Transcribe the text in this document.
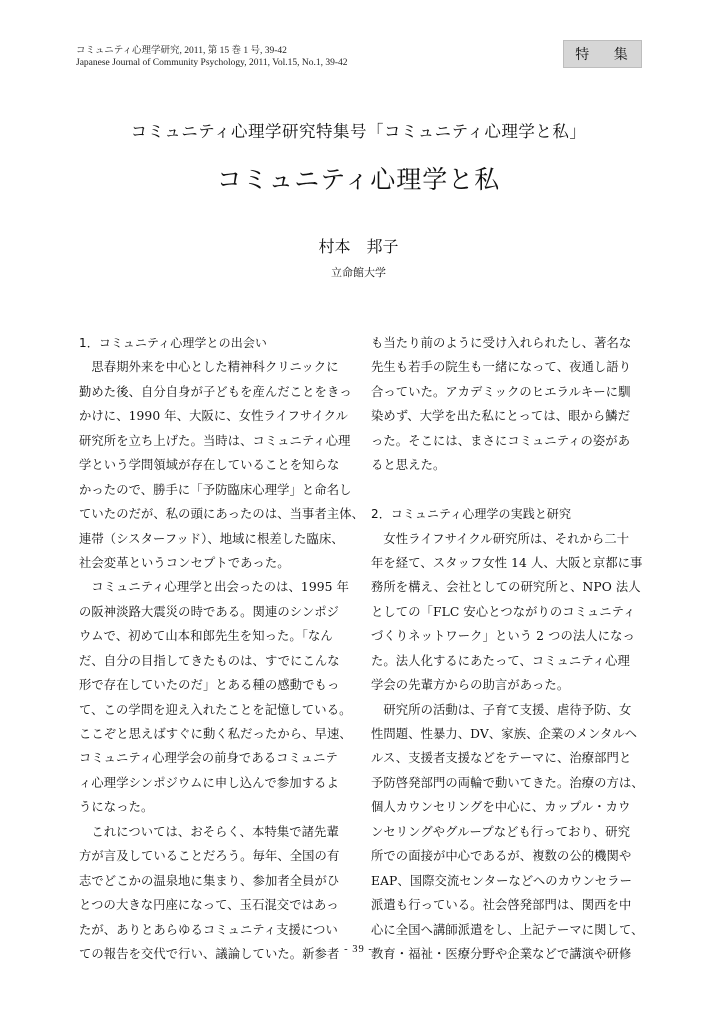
コミュニティ心理学研究, 2011, 第 15 巻 1 号, 39-42
Japanese Journal of Community Psychology, 2011, Vol.15, No.1, 39-42	特 集
コミュニティ心理学研究特集号「コミュニティ心理学と私」
コミュニティ心理学と私
村本　邦子
立命館大学
1．コミュニティ心理学との出会い
　思春期外来を中心とした精神科クリニックに
勤めた後、自分自身が子どもを産んだことをきっ
かけに、1990 年、大阪に、女性ライフサイクル
研究所を立ち上げた。当時は、コミュニティ心理
学という学問領域が存在していることを知らな
かったので、勝手に「予防臨床心理学」と命名し
ていたのだが、私の頭にあったのは、当事者主体、
連帯（シスターフッド）、地域に根差した臨床、
社会変革というコンセプトであった。
　コミュニティ心理学と出会ったのは、1995 年
の阪神淡路大震災の時である。関連のシンポジ
ウムで、初めて山本和郎先生を知った。「なん
だ、自分の目指してきたものは、すでにこんな
形で存在していたのだ」とある種の感動でもっ
て、この学問を迎え入れたことを記憶している。
ここぞと思えばすぐに動く私だったから、早速、
コミュニティ心理学会の前身であるコミュニテ
ィ心理学シンポジウムに申し込んで参加するよ
うになった。
　これについては、おそらく、本特集で諸先輩
方が言及していることだろう。毎年、全国の有
志でどこかの温泉地に集まり、参加者全員がひ
とつの大きな円座になって、玉石混交ではあっ
たが、ありとあらゆるコミュニティ支援につい
ての報告を交代で行い、議論していた。新参者
も当たり前のように受け入れられたし、著名な
先生も若手の院生も一緒になって、夜通し語り
合っていた。アカデミックのヒエラルキーに馴
染めず、大学を出た私にとっては、眼から鱗だ
った。そこには、まさにコミュニティの姿があ
ると思えた。
2．コミュニティ心理学の実践と研究
　女性ライフサイクル研究所は、それから二十
年を経て、スタッフ女性 14 人、大阪と京都に事
務所を構え、会社としての研究所と、NPO 法人
としての「FLC 安心とつながりのコミュニティ
づくりネットワーク」という 2 つの法人になっ
た。法人化するにあたって、コミュニティ心理
学会の先輩方からの助言があった。
　研究所の活動は、子育て支援、虐待予防、女
性問題、性暴力、DV、家族、企業のメンタルヘ
ルス、支援者支援などをテーマに、治療部門と
予防啓発部門の両輪で動いてきた。治療の方は、
個人カウンセリングを中心に、カップル・カウ
ンセリングやグループなども行っており、研究
所での面接が中心であるが、複数の公的機関や
EAP、国際交流センターなどへのカウンセラー
派遣も行っている。社会啓発部門は、関西を中
心に全国へ講師派遣をし、上記テーマに関して、
教育・福祉・医療分野や企業などで講演や研修
- 39 -
